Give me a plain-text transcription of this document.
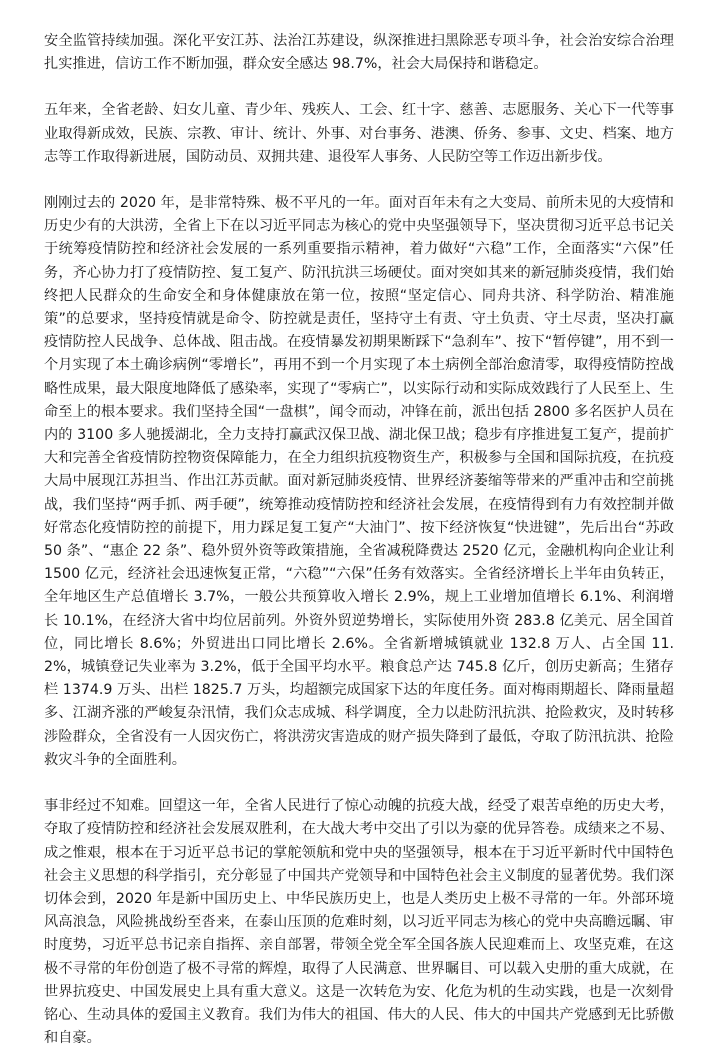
安全监管持续加强。深化平安江苏、法治江苏建设，纵深推进扫黑除恶专项斗争，社会治安综合治理扎实推进，信访工作不断加强，群众安全感达 98.7%，社会大局保持和谐稳定。

五年来，全省老龄、妇女儿童、青少年、残疾人、工会、红十字、慈善、志愿服务、关心下一代等事业取得新成效，民族、宗教、审计、统计、外事、对台事务、港澳、侨务、参事、文史、档案、地方志等工作取得新进展，国防动员、双拥共建、退役军人事务、人民防空等工作迈出新步伐。

刚刚过去的 2020 年，是非常特殊、极不平凡的一年。面对百年未有之大变局、前所未见的大疫情和历史少有的大洪涝，全省上下在以习近平同志为核心的党中央坚强领导下，坚决贯彻习近平总书记关于统筹疫情防控和经济社会发展的一系列重要指示精神，着力做好“六稳”工作，全面落实“六保”任务，齐心协力打了疫情防控、复工复产、防汛抗洪三场硬仗。面对突如其来的新冠肺炎疫情，我们始终把人民群众的生命安全和身体健康放在第一位，按照“坚定信心、同舟共济、科学防治、精准施策”的总要求，坚持疫情就是命令、防控就是责任，坚持守土有责、守土负责、守土尽责，坚决打赢疫情防控人民战争、总体战、阻击战。在疫情暴发初期果断踩下“急刹车”、按下“暂停键”，用不到一个月实现了本土确诊病例“零增长”，再用不到一个月实现了本土病例全部治愈清零，取得疫情防控战略性成果，最大限度地降低了感染率，实现了“零病亡”，以实际行动和实际成效践行了人民至上、生命至上的根本要求。我们坚持全国“一盘棋”，闻令而动，冲锋在前，派出包括 2800 多名医护人员在内的 3100 多人驰援湖北，全力支持打赢武汉保卫战、湖北保卫战；稳步有序推进复工复产，提前扩大和完善全省疫情防控物资保障能力，在全力组织抗疫物资生产，积极参与全国和国际抗疫，在抗疫大局中展现江苏担当、作出江苏贡献。面对新冠肺炎疫情、世界经济萎缩等带来的严重冲击和空前挑战，我们坚持“两手抓、两手硬”，统筹推动疫情防控和经济社会发展，在疫情得到有力有效控制并做好常态化疫情防控的前提下，用力踩足复工复产“大油门”、按下经济恢复“快进键”，先后出台“苏政 50 条”、“惠企 22 条”、稳外贸外资等政策措施，全省减税降费达 2520 亿元，金融机构向企业让利 1500 亿元，经济社会迅速恢复正常，“六稳”“六保”任务有效落实。全省经济增长上半年由负转正，全年地区生产总值增长 3.7%，一般公共预算收入增长 2.9%，规上工业增加值增长 6.1%、利润增长 10.1%，在经济大省中均位居前列。外资外贸逆势增长，实际使用外资 283.8 亿美元、居全国首位，同比增长 8.6%；外贸进出口同比增长 2.6%。全省新增城镇就业 132.8 万人、占全国 11.2%，城镇登记失业率为 3.2%，低于全国平均水平。粮食总产达 745.8 亿斤，创历史新高；生猪存栏 1374.9 万头、出栏 1825.7 万头，均超额完成国家下达的年度任务。面对梅雨期超长、降雨量超多、江湖齐涨的严峻复杂汛情，我们众志成城、科学调度，全力以赴防汛抗洪、抢险救灾，及时转移涉险群众，全省没有一人因灾伤亡，将洪涝灾害造成的财产损失降到了最低，夺取了防汛抗洪、抢险救灾斗争的全面胜利。

事非经过不知难。回望这一年，全省人民进行了惊心动魄的抗疫大战，经受了艰苦卓绝的历史大考，夺取了疫情防控和经济社会发展双胜利，在大战大考中交出了引以为豪的优异答卷。成绩来之不易、成之惟艰，根本在于习近平总书记的掌舵领航和党中央的坚强领导，根本在于习近平新时代中国特色社会主义思想的科学指引，充分彰显了中国共产党领导和中国特色社会主义制度的显著优势。我们深切体会到，2020 年是新中国历史上、中华民族历史上，也是人类历史上极不寻常的一年。外部环境风高浪急，风险挑战纷至沓来，在泰山压顶的危难时刻，以习近平同志为核心的党中央高瞻远瞩、审时度势，习近平总书记亲自指挥、亲自部署，带领全党全军全国各族人民迎难而上、攻坚克难，在这极不寻常的年份创造了极不寻常的辉煌，取得了人民满意、世界瞩目、可以载入史册的重大成就，在世界抗疫史、中国发展史上具有重大意义。这是一次转危为安、化危为机的生动实践，也是一次刻骨铭心、生动具体的爱国主义教育。我们为伟大的祖国、伟大的人民、伟大的中国共产党感到无比骄傲和自豪。
